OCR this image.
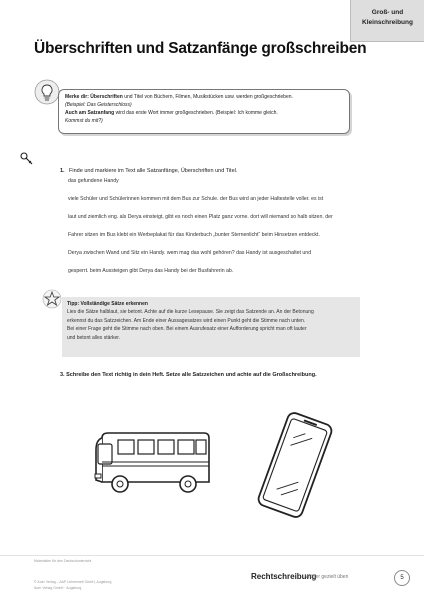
Groß- und
Kleinschreibung
Überschriften und Satzanfänge großschreiben
Merke dir: Überschriften und Titel von Büchern, Filmen, Musikstücken usw. werden großgeschrieben.
(Beispiel: Das Geisterschloss)
Auch am Satzanfang wird das erste Wort immer großgeschrieben. (Beispiel: Ich komme gleich.
Kommst du mit?)
1. Finde und markiere im Text alle Satzanfänge, Überschriften und Titel.
das gefundene Handy
viele Schüler und Schülerinnen kommen mit dem Bus zur Schule. der Bus wird an jeder Haltestelle voller. es ist
laut und ziemlich eng. als Derya einsteigt, gibt es noch einen Platz ganz vorne. dort will niemand so halb sitzen. der
Fahrer sitzen im Bus klebt ein Werbeplakat für das Kinderbuch „bunter Sternenlicht“ beim Hinsetzen entdeckt.
Derya zwischen Wand und Sitz ein Handy. wem mag das wohl gehören? das Handy ist ausgeschaltet und
gesperrt. beim Aussteigen gibt Derya das Handy bei der Busfahrerin ab.
Tipp: Vollständige Sätze erkennen
Lies die Sätze halblaut, sie betont. Achte auf die kurze Lesepause. Sie zeigt das Satzende an. An der Betonung
erkennst du das Satzzeichen. Am Ende einer Aussagesatzes wird einen Punkt geht die Stimme nach unten.
Bei einer Frage geht die Stimme nach oben. Bei einem Ausrufesatz einer Aufforderung spricht man oft lauter
und betont alles stärker.
3. Schreibe den Text richtig in dein Heft. Setze alle Satzzeichen und achte auf die Großschreibung.
Materialien für den Deutschunterricht
© Auer Verlag – AAP Lehrerwelt GmbH, Augsburg
Auer Verlag GmbH · Augsburg
Rechtschreibung
Wörter gezielt üben	5
